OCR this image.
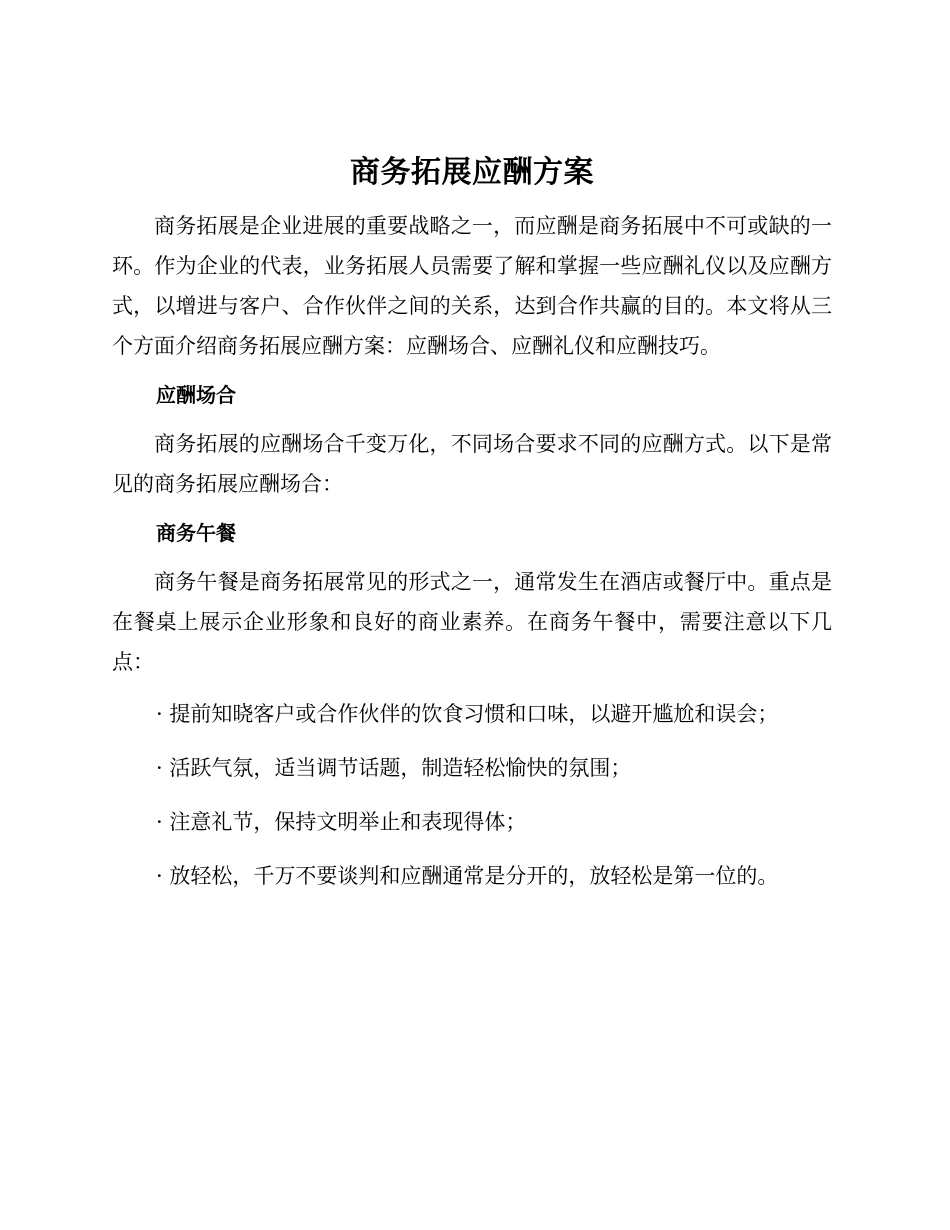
商务拓展应酬方案

商务拓展是企业进展的重要战略之一，而应酬是商务拓展中不可或缺的一环。作为企业的代表，业务拓展人员需要了解和掌握一些应酬礼仪以及应酬方式，以增进与客户、合作伙伴之间的关系，达到合作共赢的目的。本文将从三个方面介绍商务拓展应酬方案：应酬场合、应酬礼仪和应酬技巧。

应酬场合

商务拓展的应酬场合千变万化，不同场合要求不同的应酬方式。以下是常见的商务拓展应酬场合：

商务午餐

商务午餐是商务拓展常见的形式之一，通常发生在酒店或餐厅中。重点是在餐桌上展示企业形象和良好的商业素养。在商务午餐中，需要注意以下几点：

· 提前知晓客户或合作伙伴的饮食习惯和口味，以避开尴尬和误会；
· 活跃气氛，适当调节话题，制造轻松愉快的氛围；
· 注意礼节，保持文明举止和表现得体；
· 放轻松，千万不要谈判和应酬通常是分开的，放轻松是第一位的。
